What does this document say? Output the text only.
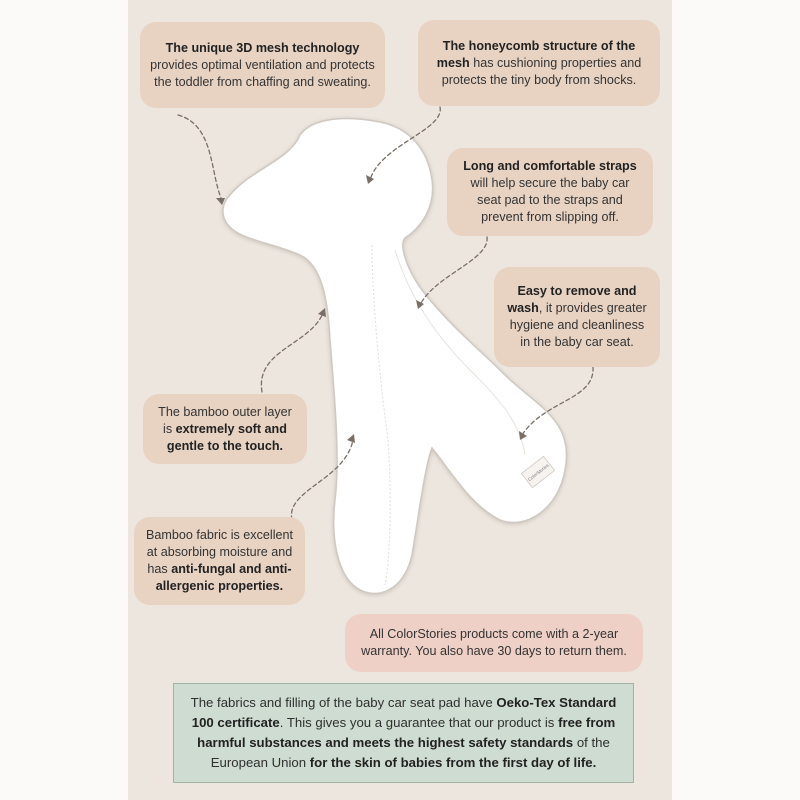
ColorStories
The unique 3D mesh technology provides optimal ventilation and protects the toddler from chaffing and sweating.
The honeycomb structure of the mesh has cushioning properties and protects the tiny body from shocks.
Long and comfortable straps will help secure the baby car seat pad to the straps and prevent from slipping off.
Easy to remove and wash, it provides greater hygiene and cleanliness in the baby car seat.
The bamboo outer layer is extremely soft and gentle to the touch.
Bamboo fabric is excellent at absorbing moisture and has anti-fungal and anti-allergenic properties.
All ColorStories products come with a 2-year warranty. You also have 30 days to return them.
The fabrics and filling of the baby car seat pad have Oeko-Tex Standard 100 certificate. This gives you a guarantee that our product is free from harmful substances and meets the highest safety standards of the European Union for the skin of babies from the first day of life.
